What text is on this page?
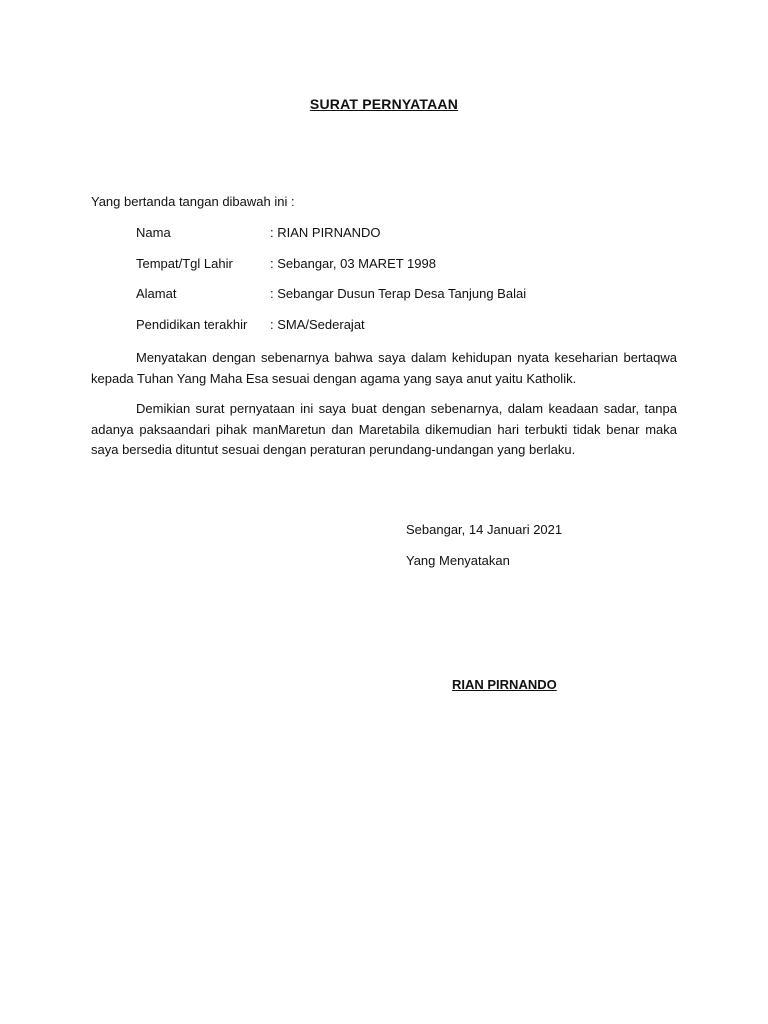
SURAT PERNYATAAN
Yang bertanda tangan dibawah ini :
Nama	: RIAN PIRNANDO
Tempat/Tgl Lahir	: Sebangar, 03 MARET 1998
Alamat	: Sebangar Dusun Terap Desa Tanjung Balai
Pendidikan terakhir : SMA/Sederajat
Menyatakan dengan sebenarnya bahwa saya dalam kehidupan nyata keseharian bertaqwa kepada Tuhan Yang Maha Esa sesuai dengan agama yang saya anut yaitu Katholik.
Demikian surat pernyataan ini saya buat dengan sebenarnya, dalam keadaan sadar, tanpa adanya paksaandari pihak manMaretun dan Maretabila dikemudian hari terbukti tidak benar maka saya bersedia dituntut sesuai dengan peraturan perundang-undangan yang berlaku.
Sebangar, 14 Januari 2021
Yang Menyatakan
RIAN PIRNANDO
